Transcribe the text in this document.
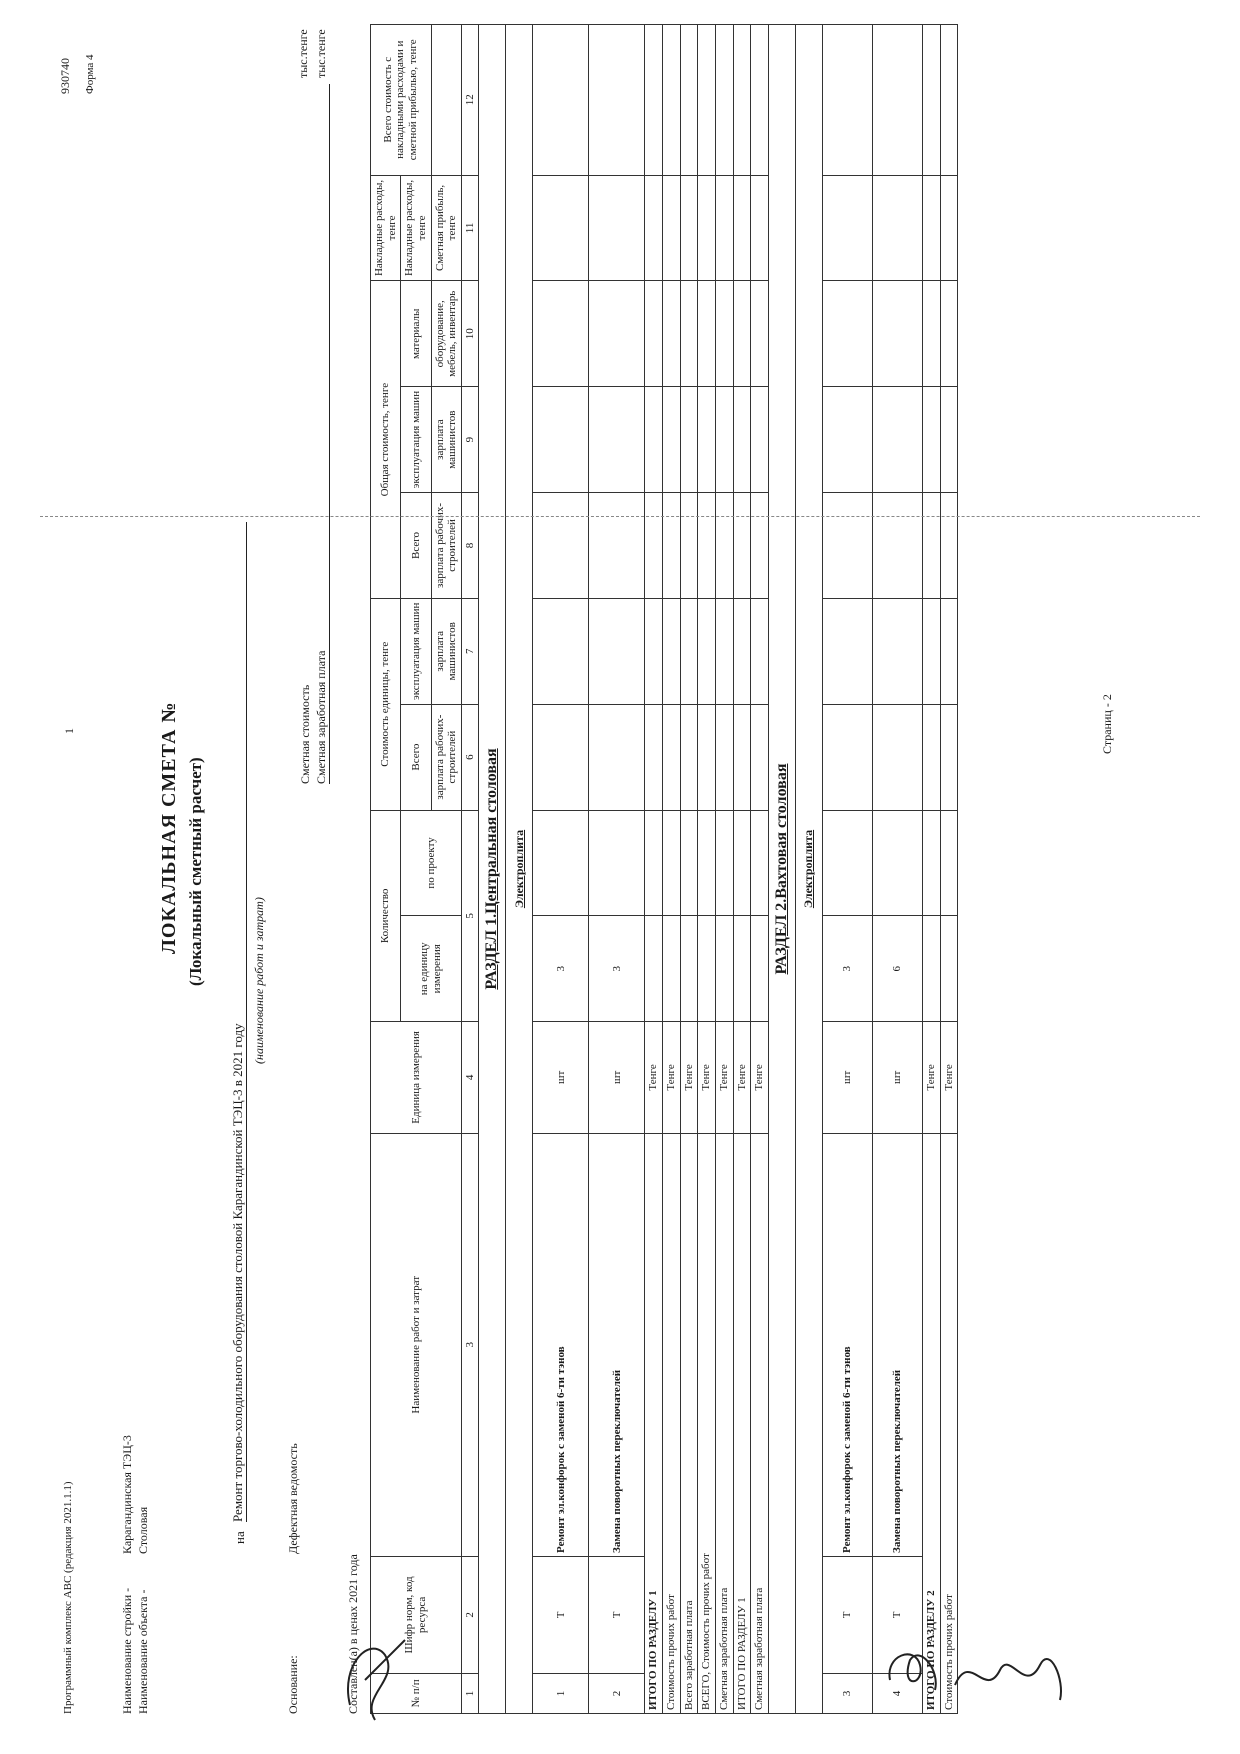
Программный комплекс АВС (редакция 2021.1.1)
1
930740 Форма 4
Наименование стройки -
Карагандинская ТЭЦ-3
Наименование объекта -
Столовая
ЛОКАЛЬНАЯ СМЕТА № (Локальный сметный расчет)
на
Ремонт торгово-холодильного оборудования столовой Карагандинской ТЭЦ-3 в 2021 году
(наименование работ и затрат)
Основание:
Дефектная ведомость
Сметная стоимость Сметная заработная плата
тыс.тенге тыс.тенге
Составлен(а) в ценах 2021 года	№ п/п	Шифр норм, код ресурса	Наименование работ и затрат	Единица измерения	Количество		Стоимость единицы, тенге		Общая стоимость, тенге			Накладные расходы, тенге	Всего стоимость с накладными расходами и сметной прибылью, тенге
				на единицу измерения	по проекту	Всего	эксплуатация машин	Всего	эксплуатация машин	материалы	Накладные расходы, тенге	
						зарплата рабочих-строителей	зарплата машинистов	зарплата рабочих-строителей	зарплата машинистов	оборудование, мебель, инвентарь	Сметная прибыль, тенге	
1	2	3	4	5		6	7	8	9	10	11	12
РАЗДЕЛ 1.Центральная столовая												
Электроплита												
1	Т	Ремонт эл.конфорок с заменой 6-ти тэнов	шт	3								
2	Т	Замена поворотных переключателей	шт	3								
ИТОГО ПО РАЗДЕЛУ 1			Тенге									
Стоимость прочих работ			Тенге									
Всего заработная плата			Тенге									
ВСЕГО, Стоимость прочих работ			Тенге									
Сметная заработная плата			Тенге									
ИТОГО ПО РАЗДЕЛУ 1			Тенге									
Сметная заработная плата			Тенге									
РАЗДЕЛ 2.Вахтовая столовая												
Электроплита												
3	Т	Ремонт эл.конфорок с заменой 6-ти тэнов	шт	3								
4	Т	Замена поворотных переключателей	шт	6								
ИТОГО ПО РАЗДЕЛУ 2			Тенге									
Стоимость прочих работ			Тенге									
Страниц - 2
